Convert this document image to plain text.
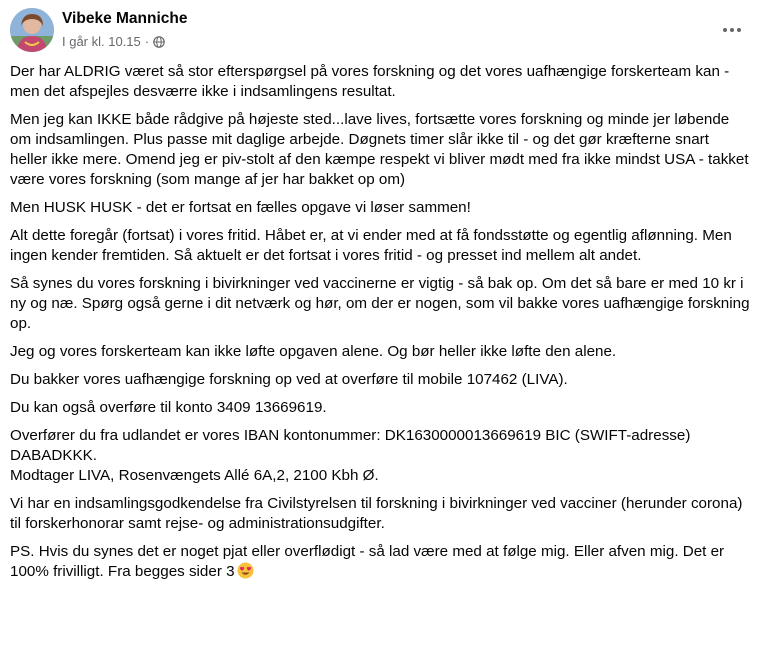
Vibeke Manniche
I går kl. 10.15 ·

Der har ALDRIG været så stor efterspørgsel på vores forskning og det vores uafhængige forskerteam kan - men det afspejles desværre ikke i indsamlingens resultat.

Men jeg kan IKKE både rådgive på højeste sted...lave lives, fortsætte vores forskning og minde jer løbende om indsamlingen. Plus passe mit daglige arbejde. Døgnets timer slår ikke til - og det gør kræfterne snart heller ikke mere. Omend jeg er piv-stolt af den kæmpe respekt vi bliver mødt med fra ikke mindst USA - takket være vores forskning (som mange af jer har bakket op om)

Men HUSK HUSK - det er fortsat en fælles opgave vi løser sammen!

Alt dette foregår (fortsat) i vores fritid. Håbet er, at vi ender med at få fondsstøtte og egentlig aflønning. Men ingen kender fremtiden. Så aktuelt er det fortsat i vores fritid - og presset ind mellem alt andet.

Så synes du vores forskning i bivirkninger ved vaccinerne er vigtig - så bak op. Om det så bare er med 10 kr i ny og næ. Spørg også gerne i dit netværk og hør, om der er nogen, som vil bakke vores uafhængige forskning op.

Jeg og vores forskerteam kan ikke løfte opgaven alene. Og bør heller ikke løfte den alene.

Du bakker vores uafhængige forskning op ved at overføre til mobile 107462 (LIVA).

Du kan også overføre til konto 3409 13669619.

Overfører du fra udlandet er vores IBAN kontonummer: DK1630000013669619 BIC (SWIFT-adresse) DABADKKK.
Modtager LIVA, Rosenvængets Allé 6A,2, 2100 Kbh Ø.

Vi har en indsamlingsgodkendelse fra Civilstyrelsen til forskning i bivirkninger ved vacciner (herunder corona) til forskerhonorar samt rejse- og administrationsudgifter.

PS. Hvis du synes det er noget pjat eller overflødigt - så lad være med at følge mig. Eller afven mig. Det er 100% frivilligt. Fra begges sider 3
